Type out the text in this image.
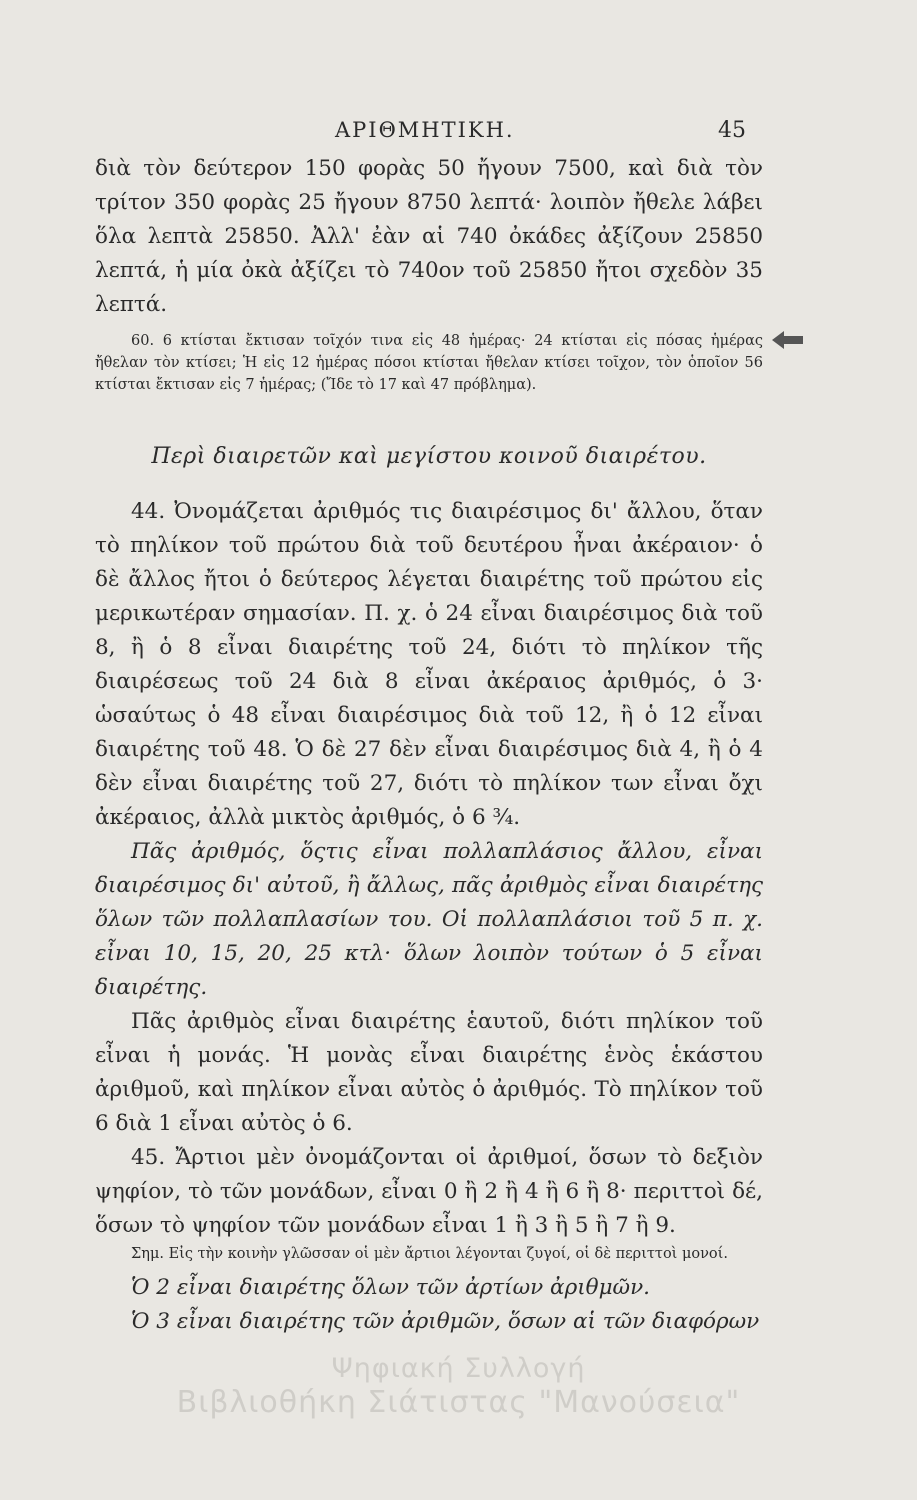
ΑΡΙΘΜΗΤΙΚΗ.	45

διὰ τὸν δεύτερον 150 φορὰς 50 ἤγουν 7500, καὶ διὰ τὸν τρίτον 350 φορὰς 25 ἤγουν 8750 λεπτά· λοιπὸν ἤθελε λάβει ὅλα λεπτὰ 25850. Ἀλλ' ἐὰν αἱ 740 ὀκάδες ἀξίζουν 25850 λεπτά, ἡ μία ὀκὰ ἀξίζει τὸ 740ον τοῦ 25850 ἤτοι σχεδὸν 35 λεπτά.

60. 6 κτίσται ἔκτισαν τοῖχόν τινα εἰς 48 ἡμέρας· 24 κτίσται εἰς πόσας ἡμέρας ἤθελαν τὸν κτίσει; Ἡ εἰς 12 ἡμέρας πόσοι κτίσται ἤθελαν κτίσει τοῖχον, τὸν ὁποῖον 56 κτίσται ἔκτισαν εἰς 7 ἡμέρας; (Ἴδε τὸ 17 καὶ 47 πρόβλημα).

Περὶ διαιρετῶν καὶ μεγίστου κοινοῦ διαιρέτου.

44. Ὀνομάζεται ἀριθμός τις διαιρέσιμος δι' ἄλλου, ὅταν τὸ πηλίκον τοῦ πρώτου διὰ τοῦ δευτέρου ἦναι ἀκέραιον· ὁ δὲ ἄλλος ἤτοι ὁ δεύτερος λέγεται διαιρέτης τοῦ πρώτου εἰς μερικωτέραν σημασίαν. Π. χ. ὁ 24 εἶναι διαιρέσιμος διὰ τοῦ 8, ἢ ὁ 8 εἶναι διαιρέτης τοῦ 24, διότι τὸ πηλίκον τῆς διαιρέσεως τοῦ 24 διὰ 8 εἶναι ἀκέραιος ἀριθμός, ὁ 3· ὡσαύτως ὁ 48 εἶναι διαιρέσιμος διὰ τοῦ 12, ἢ ὁ 12 εἶναι διαιρέτης τοῦ 48. Ὁ δὲ 27 δὲν εἶναι διαιρέσιμος διὰ 4, ἢ ὁ 4 δὲν εἶναι διαιρέτης τοῦ 27, διότι τὸ πηλίκον των εἶναι ὄχι ἀκέραιος, ἀλλὰ μικτὸς ἀριθμός, ὁ 6 ¾.

Πᾶς ἀριθμός, ὅςτις εἶναι πολλαπλάσιος ἄλλου, εἶναι διαιρέσιμος δι' αὐτοῦ, ἢ ἄλλως, πᾶς ἀριθμὸς εἶναι διαιρέτης ὅλων τῶν πολλαπλασίων του. Οἱ πολλαπλάσιοι τοῦ 5 π. χ. εἶναι 10, 15, 20, 25 κτλ· ὅλων λοιπὸν τούτων ὁ 5 εἶναι διαιρέτης.

Πᾶς ἀριθμὸς εἶναι διαιρέτης ἑαυτοῦ, διότι πηλίκον τοῦ εἶναι ἡ μονάς. Ἡ μονὰς εἶναι διαιρέτης ἑνὸς ἑκάστου ἀριθμοῦ, καὶ πηλίκον εἶναι αὐτὸς ὁ ἀριθμός. Τὸ πηλίκον τοῦ 6 διὰ 1 εἶναι αὐτὸς ὁ 6.

45. Ἄρτιοι μὲν ὀνομάζονται οἱ ἀριθμοί, ὅσων τὸ δεξιὸν ψηφίον, τὸ τῶν μονάδων, εἶναι 0 ἢ 2 ἢ 4 ἢ 6 ἢ 8· περιττοὶ δέ, ὅσων τὸ ψηφίον τῶν μονάδων εἶναι 1 ἢ 3 ἢ 5 ἢ 7 ἢ 9.

Σημ. Εἰς τὴν κοινὴν γλῶσσαν οἱ μὲν ἄρτιοι λέγονται ζυγοί, οἱ δὲ περιττοὶ μονοί.

Ὁ 2 εἶναι διαιρέτης ὅλων τῶν ἀρτίων ἀριθμῶν.

Ὁ 3 εἶναι διαιρέτης τῶν ἀριθμῶν, ὅσων αἱ τῶν διαφόρων

Ψηφιακή Συλλογή
Βιβλιοθήκη Σιάτιστας "Μανούσεια"
